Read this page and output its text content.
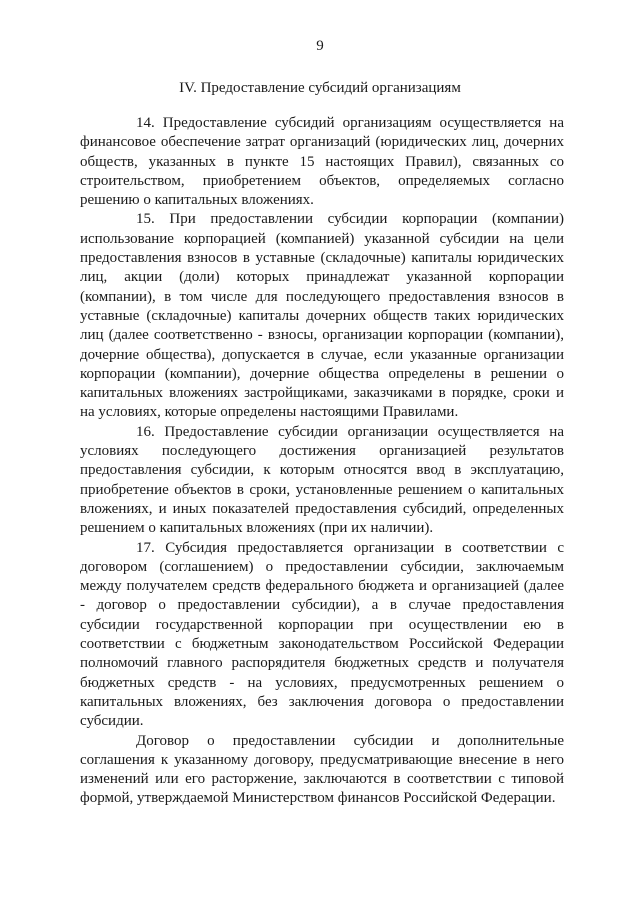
9
IV. Предоставление субсидий организациям

14. Предоставление субсидий организациям осуществляется на финансовое обеспечение затрат организаций (юридических лиц, дочерних обществ, указанных в пункте 15 настоящих Правил), связанных со строительством, приобретением объектов, определяемых согласно решению о капитальных вложениях.

15. При предоставлении субсидии корпорации (компании) использование корпорацией (компанией) указанной субсидии на цели предоставления взносов в уставные (складочные) капиталы юридических лиц, акции (доли) которых принадлежат указанной корпорации (компании), в том числе для последующего предоставления взносов в уставные (складочные) капиталы дочерних обществ таких юридических лиц (далее соответственно - взносы, организации корпорации (компании), дочерние общества), допускается в случае, если указанные организации корпорации (компании), дочерние общества определены в решении о капитальных вложениях застройщиками, заказчиками в порядке, сроки и на условиях, которые определены настоящими Правилами.

16. Предоставление субсидии организации осуществляется на условиях последующего достижения организацией результатов предоставления субсидии, к которым относятся ввод в эксплуатацию, приобретение объектов в сроки, установленные решением о капитальных вложениях, и иных показателей предоставления субсидий, определенных решением о капитальных вложениях (при их наличии).

17. Субсидия предоставляется организации в соответствии с договором (соглашением) о предоставлении субсидии, заключаемым между получателем средств федерального бюджета и организацией (далее - договор о предоставлении субсидии), а в случае предоставления субсидии государственной корпорации при осуществлении ею в соответствии с бюджетным законодательством Российской Федерации полномочий главного распорядителя бюджетных средств и получателя бюджетных средств - на условиях, предусмотренных решением о капитальных вложениях, без заключения договора о предоставлении субсидии.

Договор о предоставлении субсидии и дополнительные соглашения к указанному договору, предусматривающие внесение в него изменений или его расторжение, заключаются в соответствии с типовой формой, утверждаемой Министерством финансов Российской Федерации.
